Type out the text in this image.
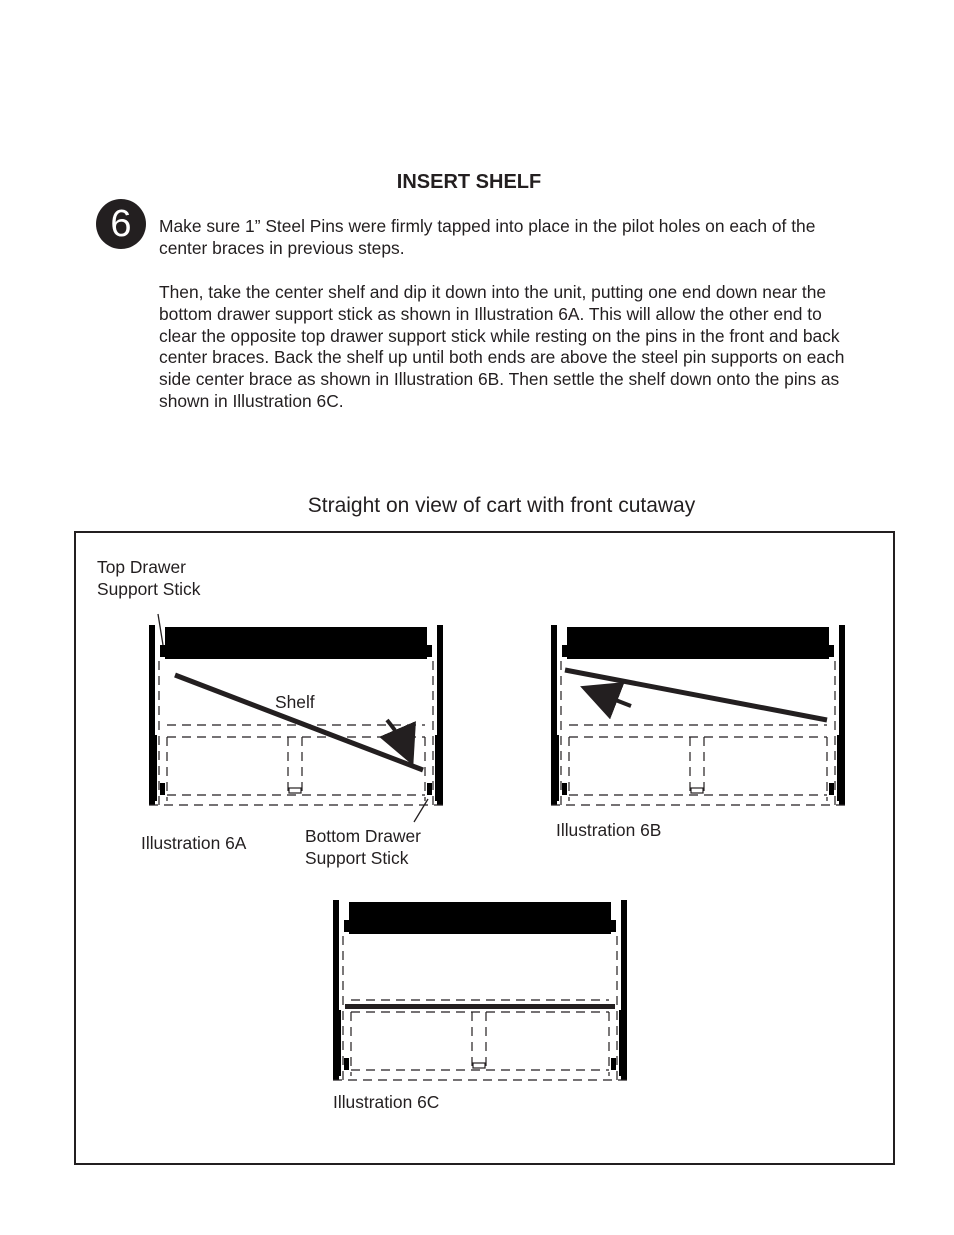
INSERT SHELF
6	Make sure 1” Steel Pins were firmly tapped into place in the pilot holes on each of the center braces in previous steps.

Then, take the center shelf and dip it down into the unit, putting one end down near the bottom drawer support stick as shown in Illustration 6A. This will allow the other end to clear the opposite top drawer support stick while resting on the pins in the front and back center braces. Back the shelf up until both ends are above the steel pin supports on each side center brace as shown in Illustration 6B. Then settle the shelf down onto the pins as shown in Illustration 6C.

Straight on view of cart with front cutaway
Top Drawer
Support Stick
Shelf
Bottom Drawer
Support Stick
Illustration 6A
Illustration 6B
Illustration 6C
